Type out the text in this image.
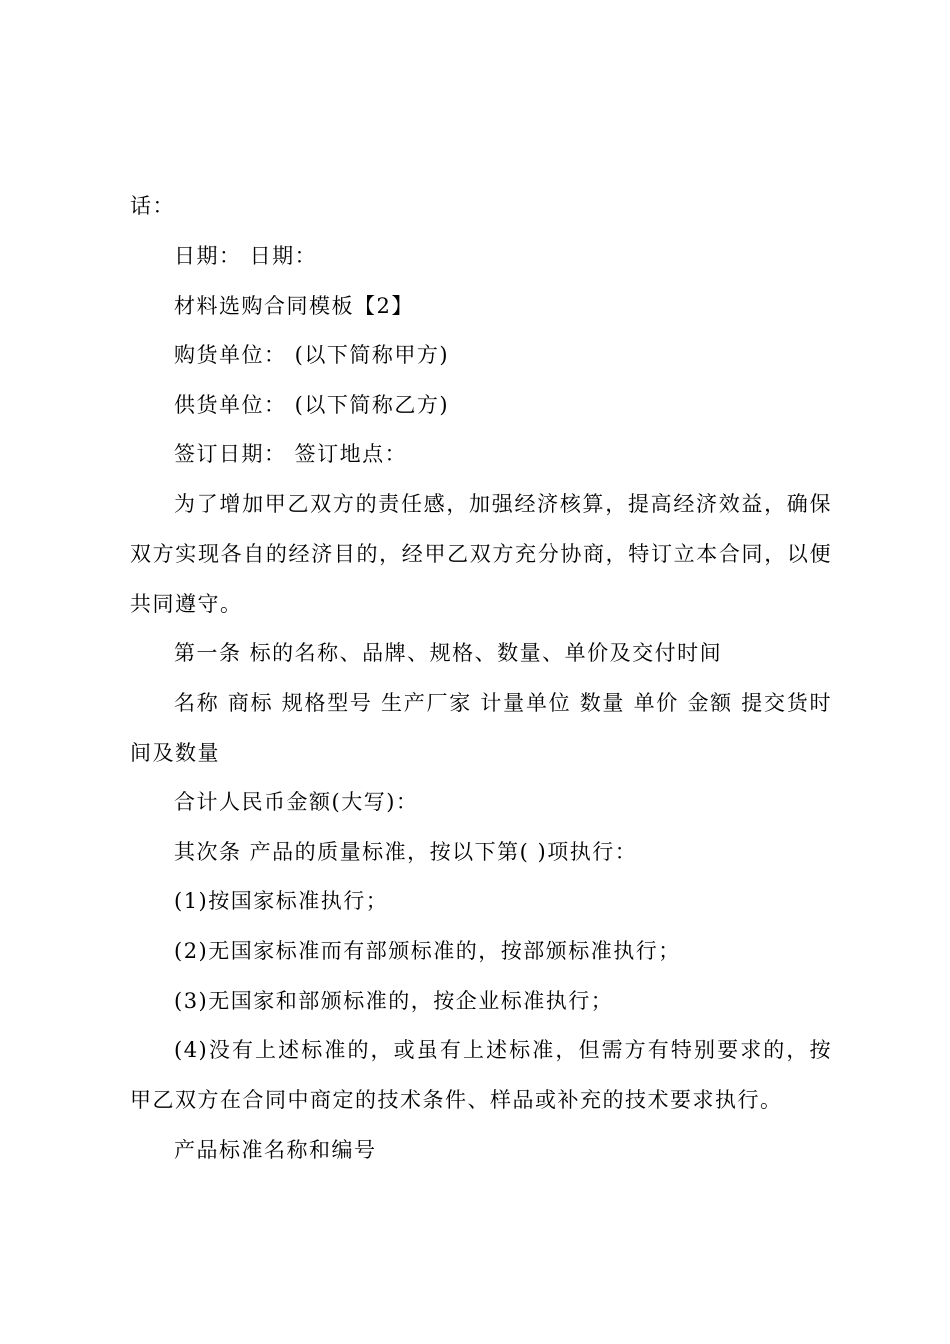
话：

日期： 日期：

材料选购合同模板【2】

购货单位： (以下简称甲方)

供货单位： (以下简称乙方)

签订日期： 签订地点：

为了增加甲乙双方的责任感，加强经济核算，提高经济效益，确保双方实现各自的经济目的，经甲乙双方充分协商，特订立本合同，以便共同遵守。

第一条 标的名称、品牌、规格、数量、单价及交付时间

名称 商标 规格型号 生产厂家 计量单位 数量 单价 金额 提交货时间及数量

合计人民币金额(大写)：

其次条 产品的质量标准，按以下第( )项执行：

(1)按国家标准执行；

(2)无国家标准而有部颁标准的，按部颁标准执行；

(3)无国家和部颁标准的，按企业标准执行；

(4)没有上述标准的，或虽有上述标准，但需方有特别要求的，按甲乙双方在合同中商定的技术条件、样品或补充的技术要求执行。

产品标准名称和编号
